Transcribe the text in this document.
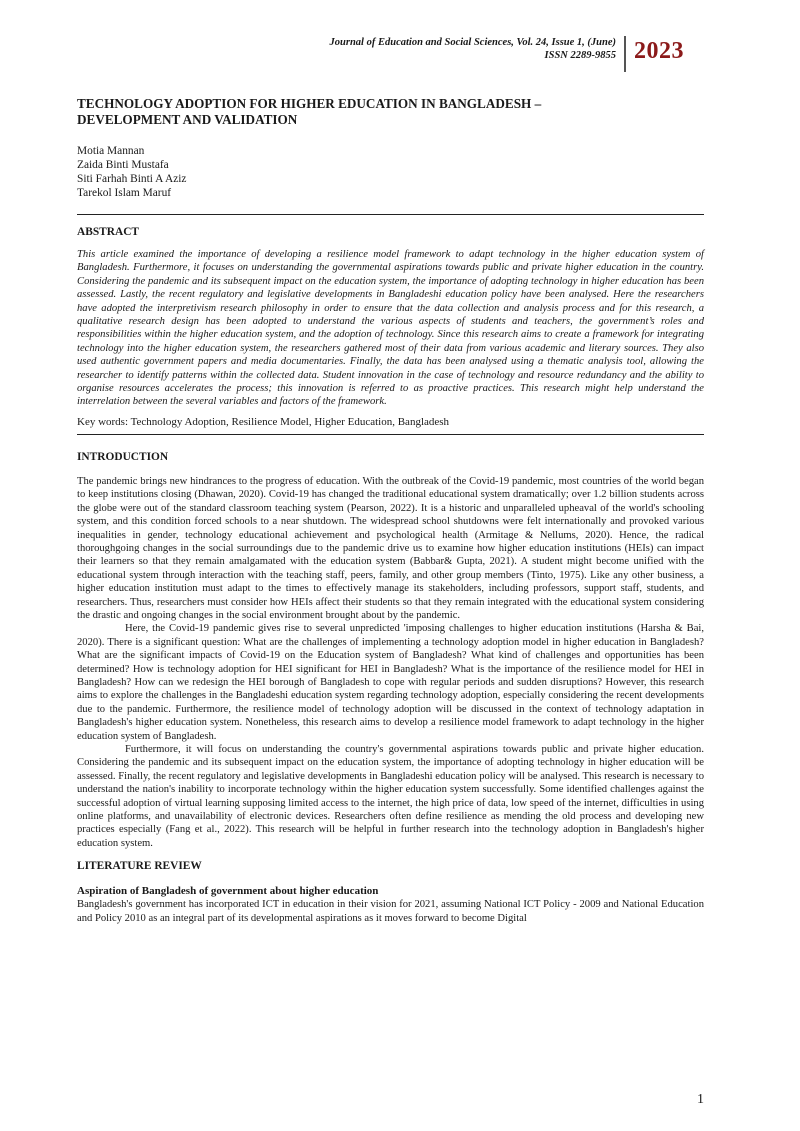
Journal of Education and Social Sciences, Vol. 24, Issue 1, (June)
ISSN 2289-9855 2023
TECHNOLOGY ADOPTION FOR HIGHER EDUCATION IN BANGLADESH –
DEVELOPMENT AND VALIDATION
Motia Mannan
Zaida Binti Mustafa
Siti Farhah Binti A Aziz
Tarekol Islam Maruf
ABSTRACT

This article examined the importance of developing a resilience model framework to adapt technology in the higher education system of Bangladesh. Furthermore, it focuses on understanding the governmental aspirations towards public and private higher education in the country. Considering the pandemic and its subsequent impact on the education system, the importance of adopting technology in higher education has been assessed. Lastly, the recent regulatory and legislative developments in Bangladeshi education policy have been analysed. Here the researchers have adopted the interpretivism research philosophy in order to ensure that the data collection and analysis process and for this research, a qualitative research design has been adopted to understand the various aspects of students and teachers, the government’s roles and responsibilities within the higher education system, and the adoption of technology. Since this research aims to create a framework for integrating technology into the higher education system, the researchers gathered most of their data from various academic and literary sources. They also used authentic government papers and media documentaries. Finally, the data has been analysed using a thematic analysis tool, allowing the researcher to identify patterns within the collected data. Student innovation in the case of technology and resource redundancy and the ability to organise resources accelerates the process; this innovation is referred to as proactive practices. This research might help understand the interrelation between the several variables and factors of the framework.

Key words: Technology Adoption, Resilience Model, Higher Education, Bangladesh

INTRODUCTION

The pandemic brings new hindrances to the progress of education. With the outbreak of the Covid-19 pandemic, most countries of the world began to keep institutions closing (Dhawan, 2020). Covid-19 has changed the traditional educational system dramatically; over 1.2 billion students across the globe were out of the standard classroom teaching system (Pearson, 2022). It is a historic and unparalleled upheaval of the world's schooling system, and this condition forced schools to a near shutdown. The widespread school shutdowns were felt internationally and provoked various inequalities in gender, technology educational achievement and psychological health (Armitage & Nellums, 2020). Hence, the radical thoroughgoing changes in the social surroundings due to the pandemic drive us to examine how higher education institutions (HEIs) can impact their learners so that they remain amalgamated with the education system (Babbar& Gupta, 2021). A student might become unified with the educational system through interaction with the teaching staff, peers, family, and other group members (Tinto, 1975). Like any other business, a higher education institution must adapt to the times to effectively manage its stakeholders, including professors, support staff, students, and researchers. Thus, researchers must consider how HEIs affect their students so that they remain integrated with the educational system considering the drastic and ongoing changes in the social environment brought about by the pandemic.

Here, the Covid-19 pandemic gives rise to several unpredicted 'imposing challenges to higher education institutions (Harsha & Bai, 2020). There is a significant question: What are the challenges of implementing a technology adoption model in higher education in Bangladesh? What are the significant impacts of Covid-19 on the Education system of Bangladesh? What kind of challenges and opportunities has been determined? How is technology adoption for HEI significant for HEI in Bangladesh? What is the importance of the resilience model for HEI in Bangladesh? How can we redesign the HEI borough of Bangladesh to cope with regular periods and sudden disruptions? However, this research aims to explore the challenges in the Bangladeshi education system regarding technology adoption, especially considering the recent developments due to the pandemic. Furthermore, the resilience model of technology adoption will be discussed in the context of technology adaptation in Bangladesh's higher education system. Nonetheless, this research aims to develop a resilience model framework to adapt technology in the higher education system of Bangladesh.

Furthermore, it will focus on understanding the country's governmental aspirations towards public and private higher education. Considering the pandemic and its subsequent impact on the education system, the importance of adopting technology in higher education will be assessed. Finally, the recent regulatory and legislative developments in Bangladeshi education policy will be analysed. This research is necessary to understand the nation's inability to incorporate technology within the higher education system successfully. Some identified challenges against the successful adoption of virtual learning supposing limited access to the internet, the high price of data, low speed of the internet, difficulties in using online platforms, and unavailability of electronic devices. Researchers often define resilience as mending the old process and developing new practices especially (Fang et al., 2022). This research will be helpful in further research into the technology adoption in Bangladesh's higher education system.

LITERATURE REVIEW
Aspiration of Bangladesh of government about higher education

Bangladesh's government has incorporated ICT in education in their vision for 2021, assuming National ICT Policy - 2009 and National Education and Policy 2010 as an integral part of its developmental aspirations as it moves forward to become Digital

1
